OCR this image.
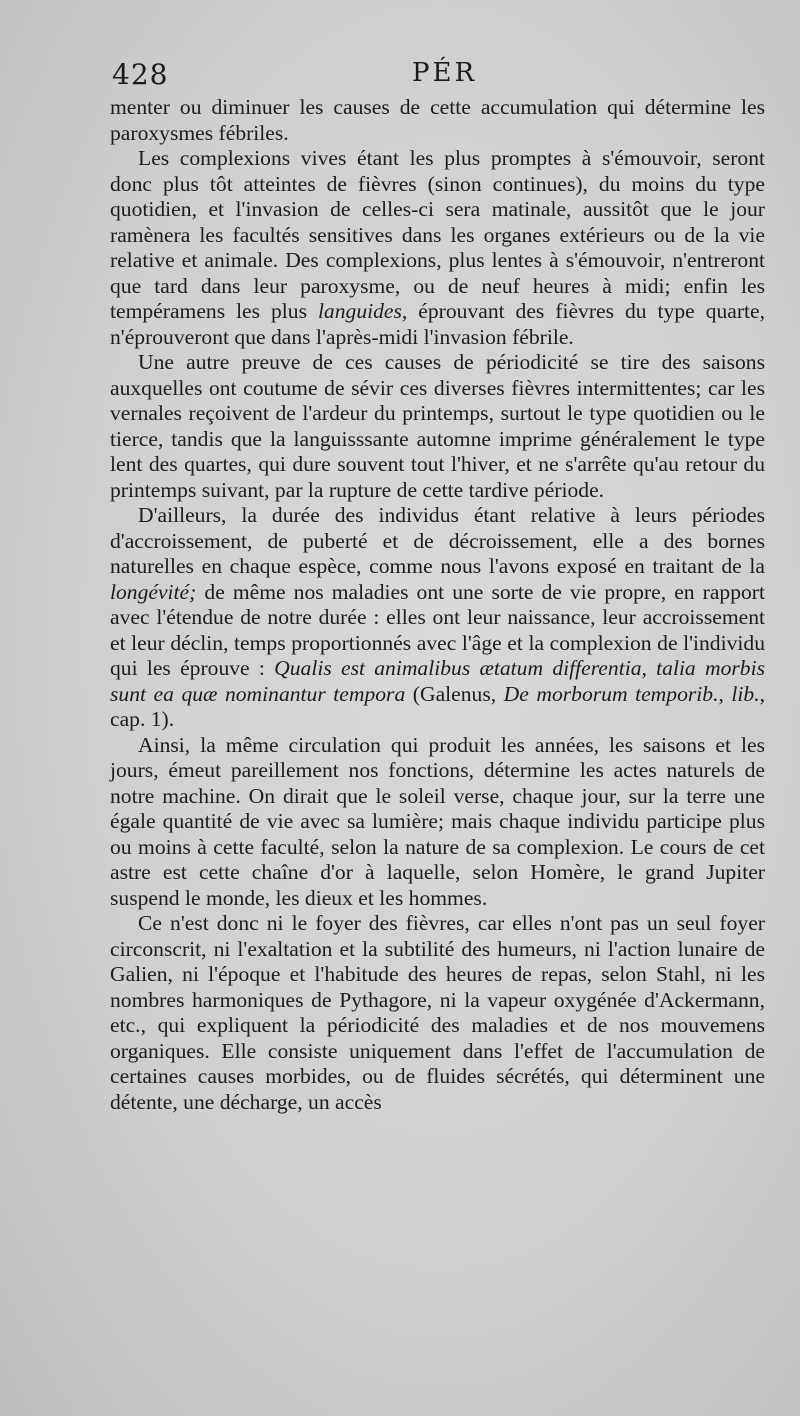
428	PÉR

menter ou diminuer les causes de cette accumulation qui détermine les paroxysmes fébriles.

Les complexions vives étant les plus promptes à s'émouvoir, seront donc plus tôt atteintes de fièvres (sinon continues), du moins du type quotidien, et l'invasion de celles-ci sera matinale, aussitôt que le jour ramènera les facultés sensitives dans les organes extérieurs ou de la vie relative et animale. Des complexions, plus lentes à s'émouvoir, n'entreront que tard dans leur paroxysme, ou de neuf heures à midi; enfin les tempéramens les plus languides, éprouvant des fièvres du type quarte, n'éprouveront que dans l'après-midi l'invasion fébrile.

Une autre preuve de ces causes de périodicité se tire des saisons auxquelles ont coutume de sévir ces diverses fièvres intermittentes; car les vernales reçoivent de l'ardeur du printemps, surtout le type quotidien ou le tierce, tandis que la languisssante automne imprime généralement le type lent des quartes, qui dure souvent tout l'hiver, et ne s'arrête qu'au retour du printemps suivant, par la rupture de cette tardive période.

D'ailleurs, la durée des individus étant relative à leurs périodes d'accroissement, de puberté et de décroissement, elle a des bornes naturelles en chaque espèce, comme nous l'avons exposé en traitant de la longévité; de même nos maladies ont une sorte de vie propre, en rapport avec l'étendue de notre durée : elles ont leur naissance, leur accroissement et leur déclin, temps proportionnés avec l'âge et la complexion de l'individu qui les éprouve : Qualis est animalibus ætatum differentia, talia morbis sunt ea quæ nominantur tempora (Galenus, De morborum temporib., lib., cap. 1).

Ainsi, la même circulation qui produit les années, les saisons et les jours, émeut pareillement nos fonctions, détermine les actes naturels de notre machine. On dirait que le soleil verse, chaque jour, sur la terre une égale quantité de vie avec sa lumière; mais chaque individu participe plus ou moins à cette faculté, selon la nature de sa complexion. Le cours de cet astre est cette chaîne d'or à laquelle, selon Homère, le grand Jupiter suspend le monde, les dieux et les hommes.

Ce n'est donc ni le foyer des fièvres, car elles n'ont pas un seul foyer circonscrit, ni l'exaltation et la subtilité des humeurs, ni l'action lunaire de Galien, ni l'époque et l'habitude des heures de repas, selon Stahl, ni les nombres harmoniques de Pythagore, ni la vapeur oxygénée d'Ackermann, etc., qui expliquent la périodicité des maladies et de nos mouvemens organiques. Elle consiste uniquement dans l'effet de l'accumulation de certaines causes morbides, ou de fluides sécrétés, qui déterminent une détente, une décharge, un accès
